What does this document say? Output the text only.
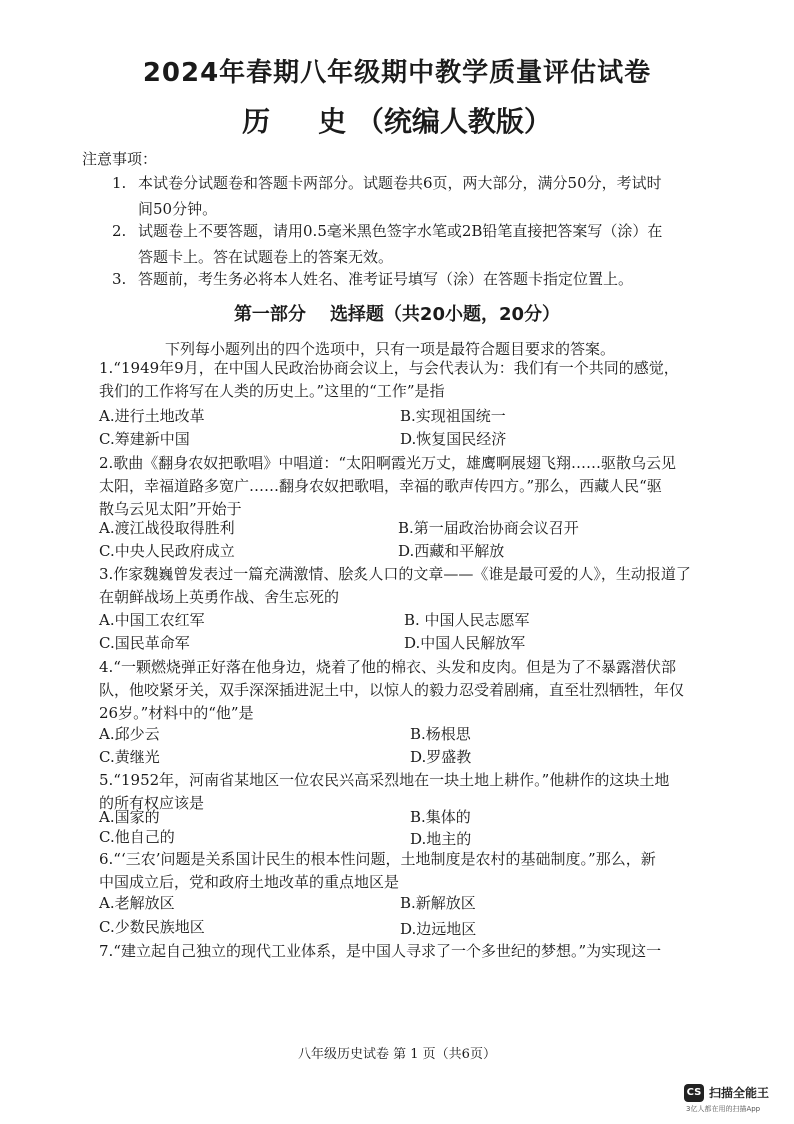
2024年春期八年级期中教学质量评估试卷
历 史 （统编人教版）
注意事项：
1. 本试卷分试题卷和答题卡两部分。试题卷共6页，两大部分，满分50分，考试时
间50分钟。
2. 试题卷上不要答题，请用0.5毫米黑色签字水笔或2B铅笔直接把答案写（涂）在
答题卡上。答在试题卷上的答案无效。
3. 答题前，考生务必将本人姓名、准考证号填写（涂）在答题卡指定位置上。
第一部分 选择题（共20小题，20分）
下列每小题列出的四个选项中，只有一项是最符合题目要求的答案。
1.“1949年9月，在中国人民政治协商会议上，与会代表认为：我们有一个共同的感觉，
我们的工作将写在人类的历史上。”这里的“工作”是指
A.进行土地改革	B.实现祖国统一
C.筹建新中国	D.恢复国民经济
2.歌曲《翻身农奴把歌唱》中唱道：“太阳啊霞光万丈，雄鹰啊展翅飞翔……驱散乌云见
太阳，幸福道路多宽广……翻身农奴把歌唱，幸福的歌声传四方。”那么，西藏人民“驱
散乌云见太阳”开始于
A.渡江战役取得胜利	B.第一届政治协商会议召开
C.中央人民政府成立	D.西藏和平解放
3.作家魏巍曾发表过一篇充满激情、脍炙人口的文章——《谁是最可爱的人》，生动报道了
在朝鲜战场上英勇作战、舍生忘死的
A.中国工农红军	B. 中国人民志愿军
C.国民革命军	D.中国人民解放军
4.“一颗燃烧弹正好落在他身边，烧着了他的棉衣、头发和皮肉。但是为了不暴露潜伏部
队，他咬紧牙关，双手深深插进泥土中，以惊人的毅力忍受着剧痛，直至壮烈牺牲，年仅
26岁。”材料中的“他”是
A.邱少云	B.杨根思
C.黄继光	D.罗盛教
5.“1952年，河南省某地区一位农民兴高采烈地在一块土地上耕作。”他耕作的这块土地
的所有权应该是
A.国家的	B.集体的
C.他自己的	D.地主的
6.“‘三农’问题是关系国计民生的根本性问题，土地制度是农村的基础制度。”那么，新
中国成立后，党和政府土地改革的重点地区是
A.老解放区	B.新解放区
C.少数民族地区	D.边远地区
7.“建立起自己独立的现代工业体系，是中国人寻求了一个多世纪的梦想。”为实现这一
八年级历史试卷 第 1 页（共6页）
CS 扫描全能王
3亿人都在用的扫描App
